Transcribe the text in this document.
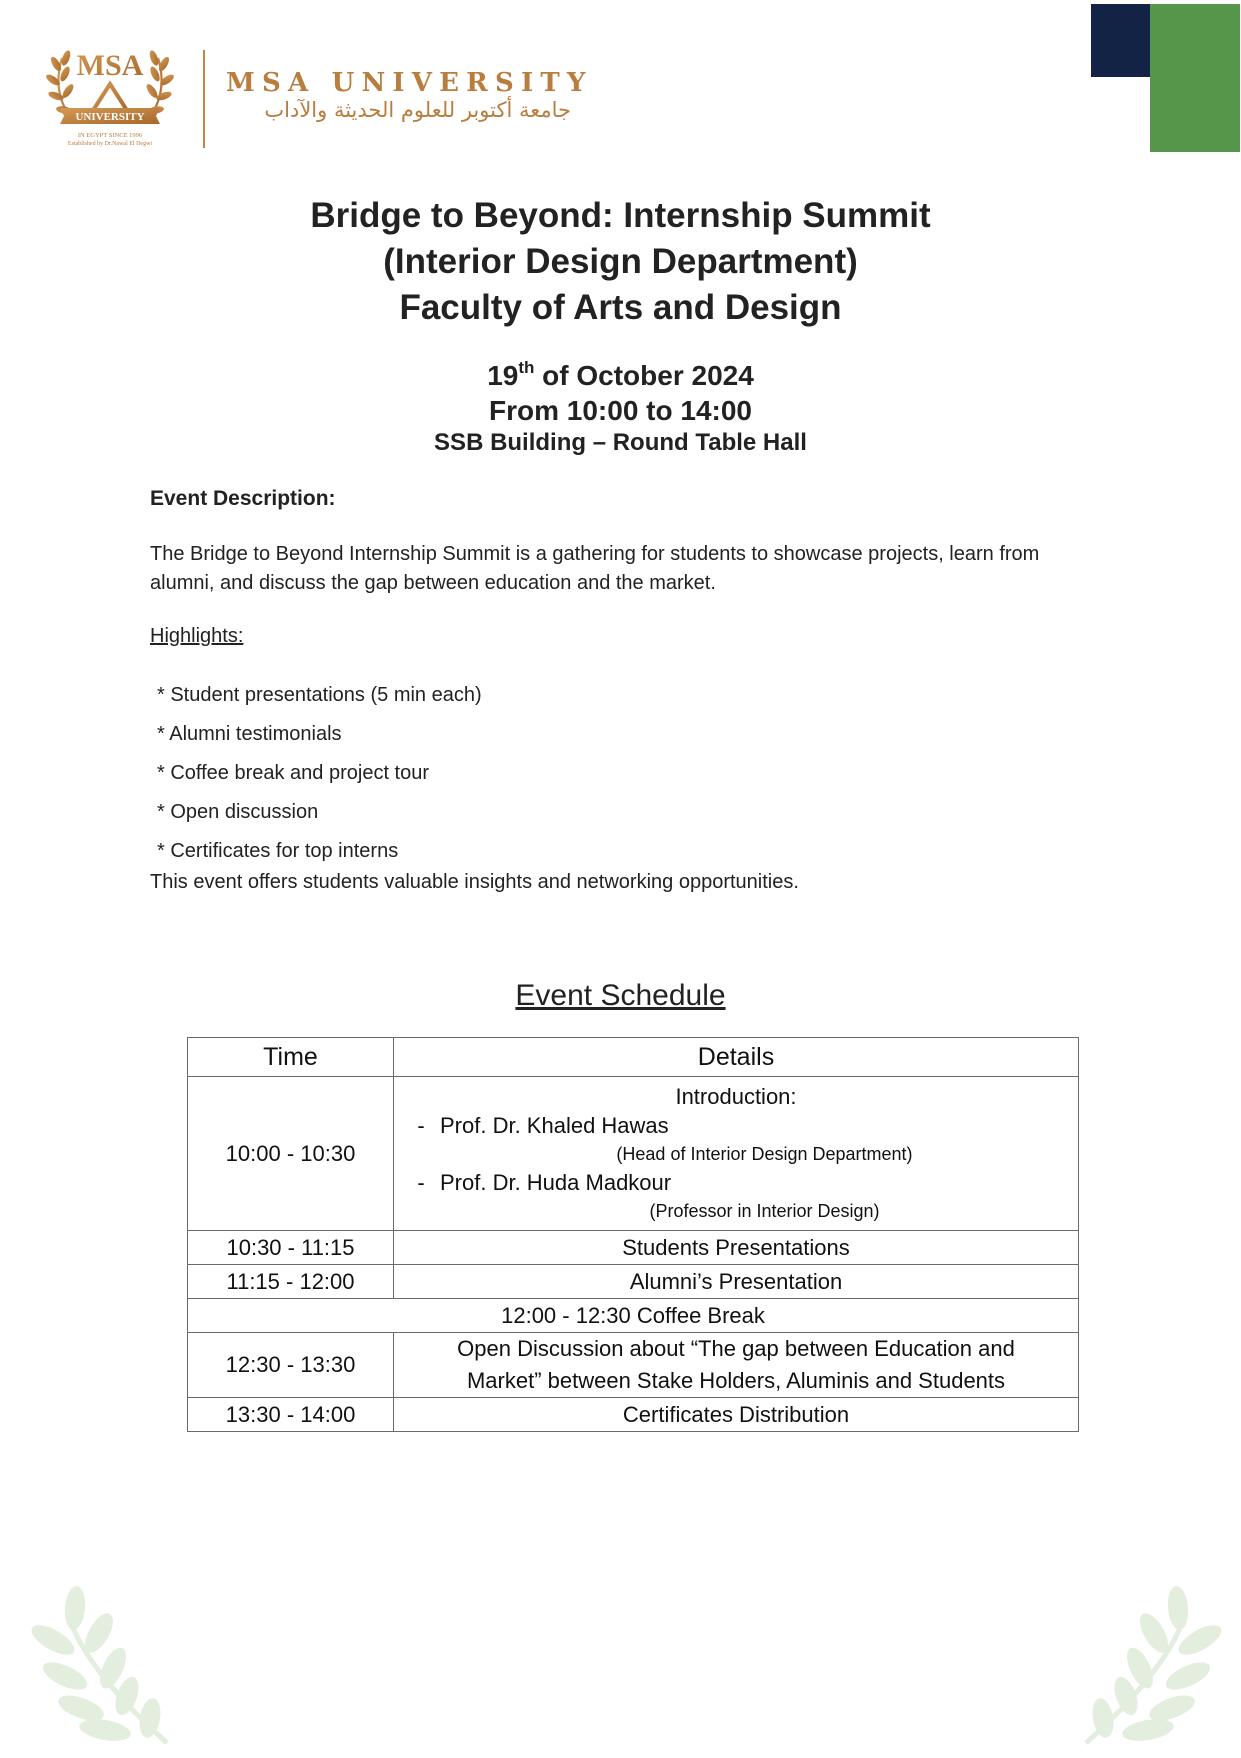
MSA
UNIVERSITY
IN EGYPT SINCE 1996
Established by Dr.Nawal El Degwi
MSA UNIVERSITY
جامعة أكتوبر للعلوم الحديثة والآداب
Bridge to Beyond: Internship Summit
(Interior Design Department)
Faculty of Arts and Design
19th of October 2024
From 10:00 to 14:00
SSB Building – Round Table Hall
Event Description:
The Bridge to Beyond Internship Summit is a gathering for students to showcase projects, learn from alumni, and discuss the gap between education and the market.
Highlights:
* Student presentations (5 min each)
* Alumni testimonials
* Coffee break and project tour
* Open discussion
* Certificates for top interns
This event offers students valuable insights and networking opportunities.
Event Schedule
Time	Details
10:00 - 10:30	
Introduction:
- Prof. Dr. Khaled Hawas
(Head of Interior Design Department)
- Prof. Dr. Huda Madkour
(Professor in Interior Design)

10:30 - 11:15	Students Presentations
11:15 - 12:00	Alumni’s Presentation
12:00 - 12:30 Coffee Break	
12:30 - 13:30	Open Discussion about “The gap between Education and
Market” between Stake Holders, Aluminis and Students

13:30 - 14:00	Certificates Distribution
